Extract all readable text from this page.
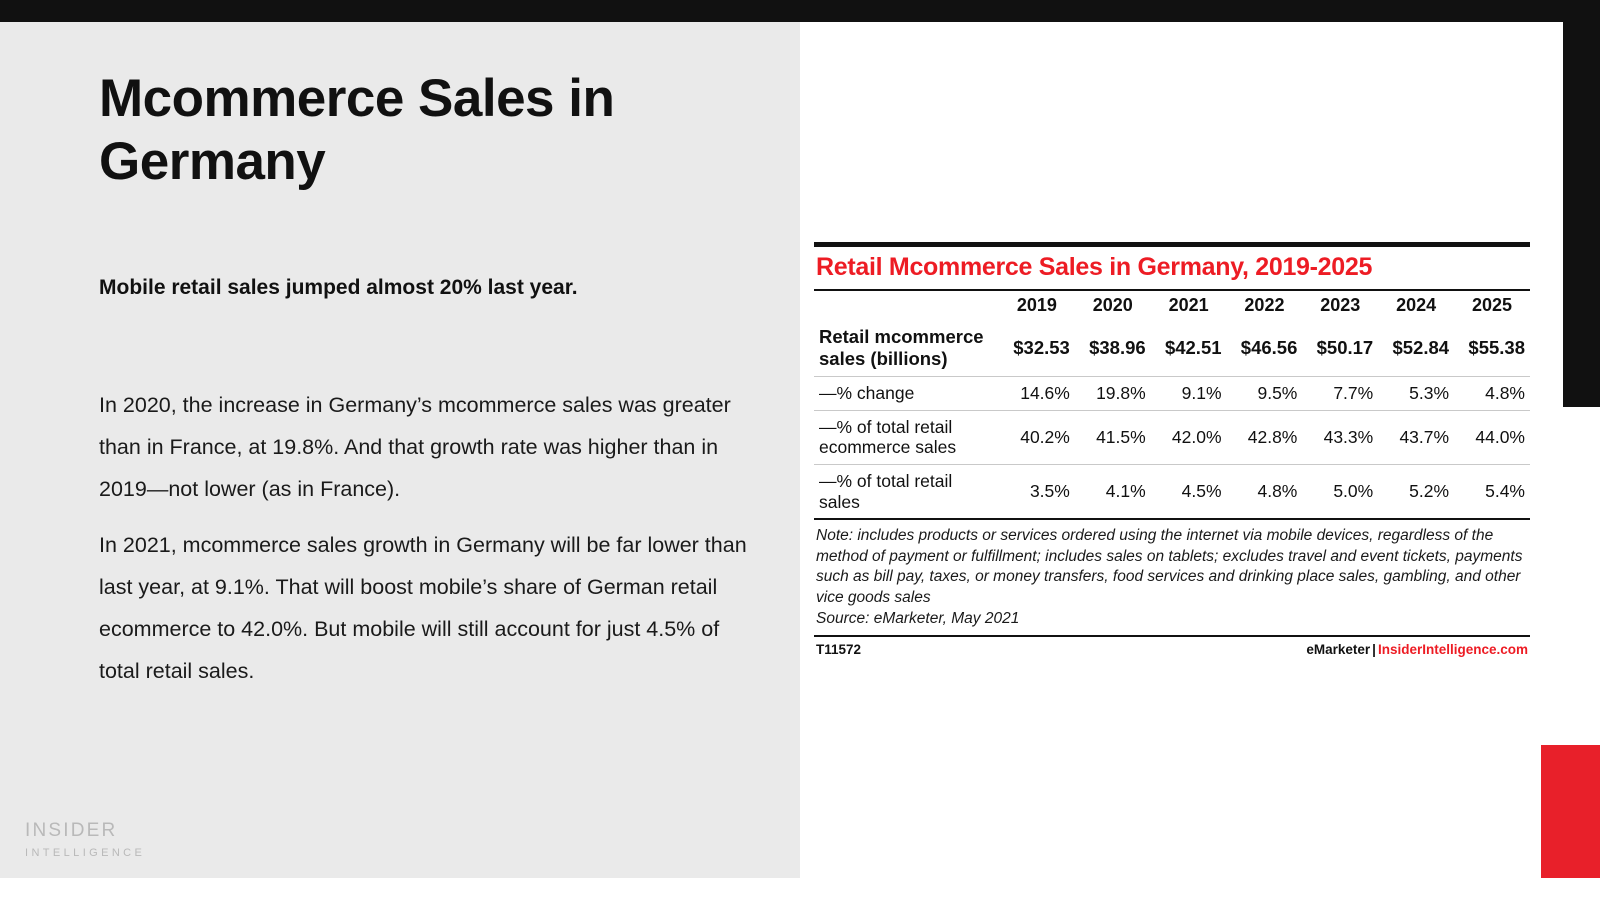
Mcommerce Sales in Germany
Mobile retail sales jumped almost 20% last year.

In 2020, the increase in Germany’s mcommerce sales was greater than in France, at 19.8%. And that growth rate was higher than in 2019—not lower (as in France).

In 2021, mcommerce sales growth in Germany will be far lower than last year, at 9.1%. That will boost mobile’s share of German retail ecommerce to 42.0%. But mobile will still account for just 4.5% of total retail sales.

INSIDER
INTELLIGENCE
Retail Mcommerce Sales in Germany, 2019-2025
	2019	2020	2021	2022	2023	2024	2025
Retail mcommerce sales (billions)	$32.53	$38.96	$42.51	$46.56	$50.17	$52.84	$55.38
—% change	14.6%	19.8%	9.1%	9.5%	7.7%	5.3%	4.8%
—% of total retail ecommerce sales	40.2%	41.5%	42.0%	42.8%	43.3%	43.7%	44.0%
—% of total retail sales	3.5%	4.1%	4.5%	4.8%	5.0%	5.2%	5.4%
Note: includes products or services ordered using the internet via mobile devices, regardless of the method of payment or fulfillment; includes sales on tablets; excludes travel and event tickets, payments such as bill pay, taxes, or money transfers, food services and drinking place sales, gambling, and other vice goods sales
Source: eMarketer, May 2021
T11572	eMarketer | InsiderIntelligence.com
